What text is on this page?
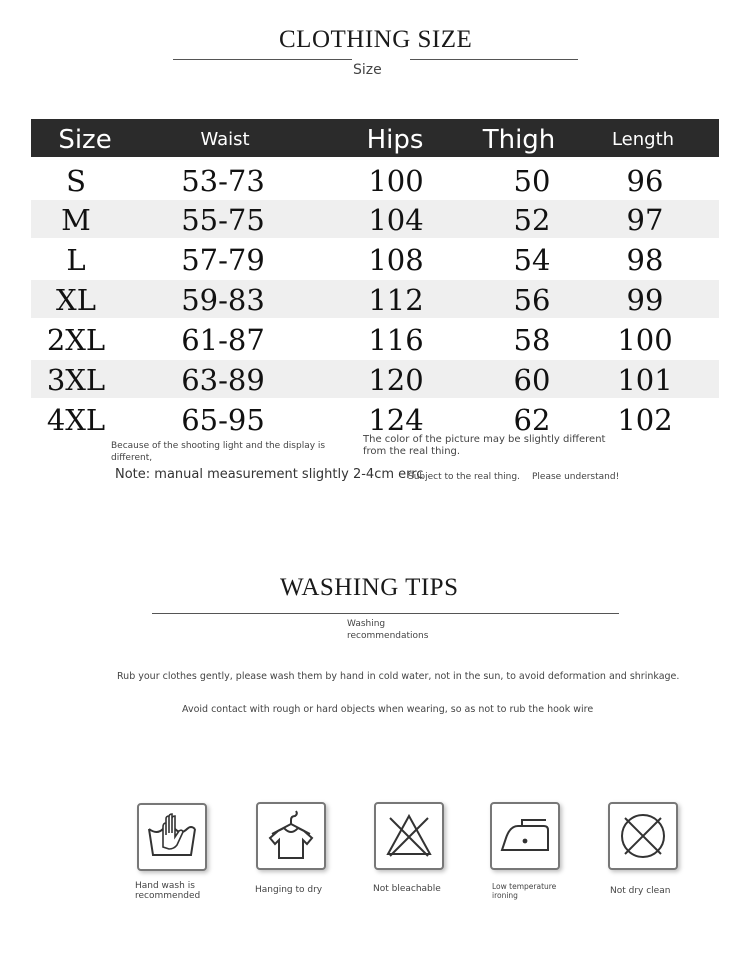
CLOTHING SIZE
Size
Size	Waist	Hips	Thigh	Length
S	53-73	100	50	96
M	55-75	104	52	97
L	57-79	108	54	98
XL	59-83	112	56	99
2XL	61-87	116	58	100
3XL	63-89	120	60	101
4XL	65-95	124	62	102
Because of the shooting light and the display is different,
The color of the picture may be slightly different from the real thing.
Note: manual measurement slightly 2-4cm errc
Subject to the real thing. Please understand!
WASHING TIPS
Washing recommendations
Rub your clothes gently, please wash them by hand in cold water, not in the sun, to avoid deformation and shrinkage.
Avoid contact with rough or hard objects when wearing, so as not to rub the hook wire
Hand wash is recommended
Hanging to dry	Not bleachable	Low temperature ironing	Not dry clean
